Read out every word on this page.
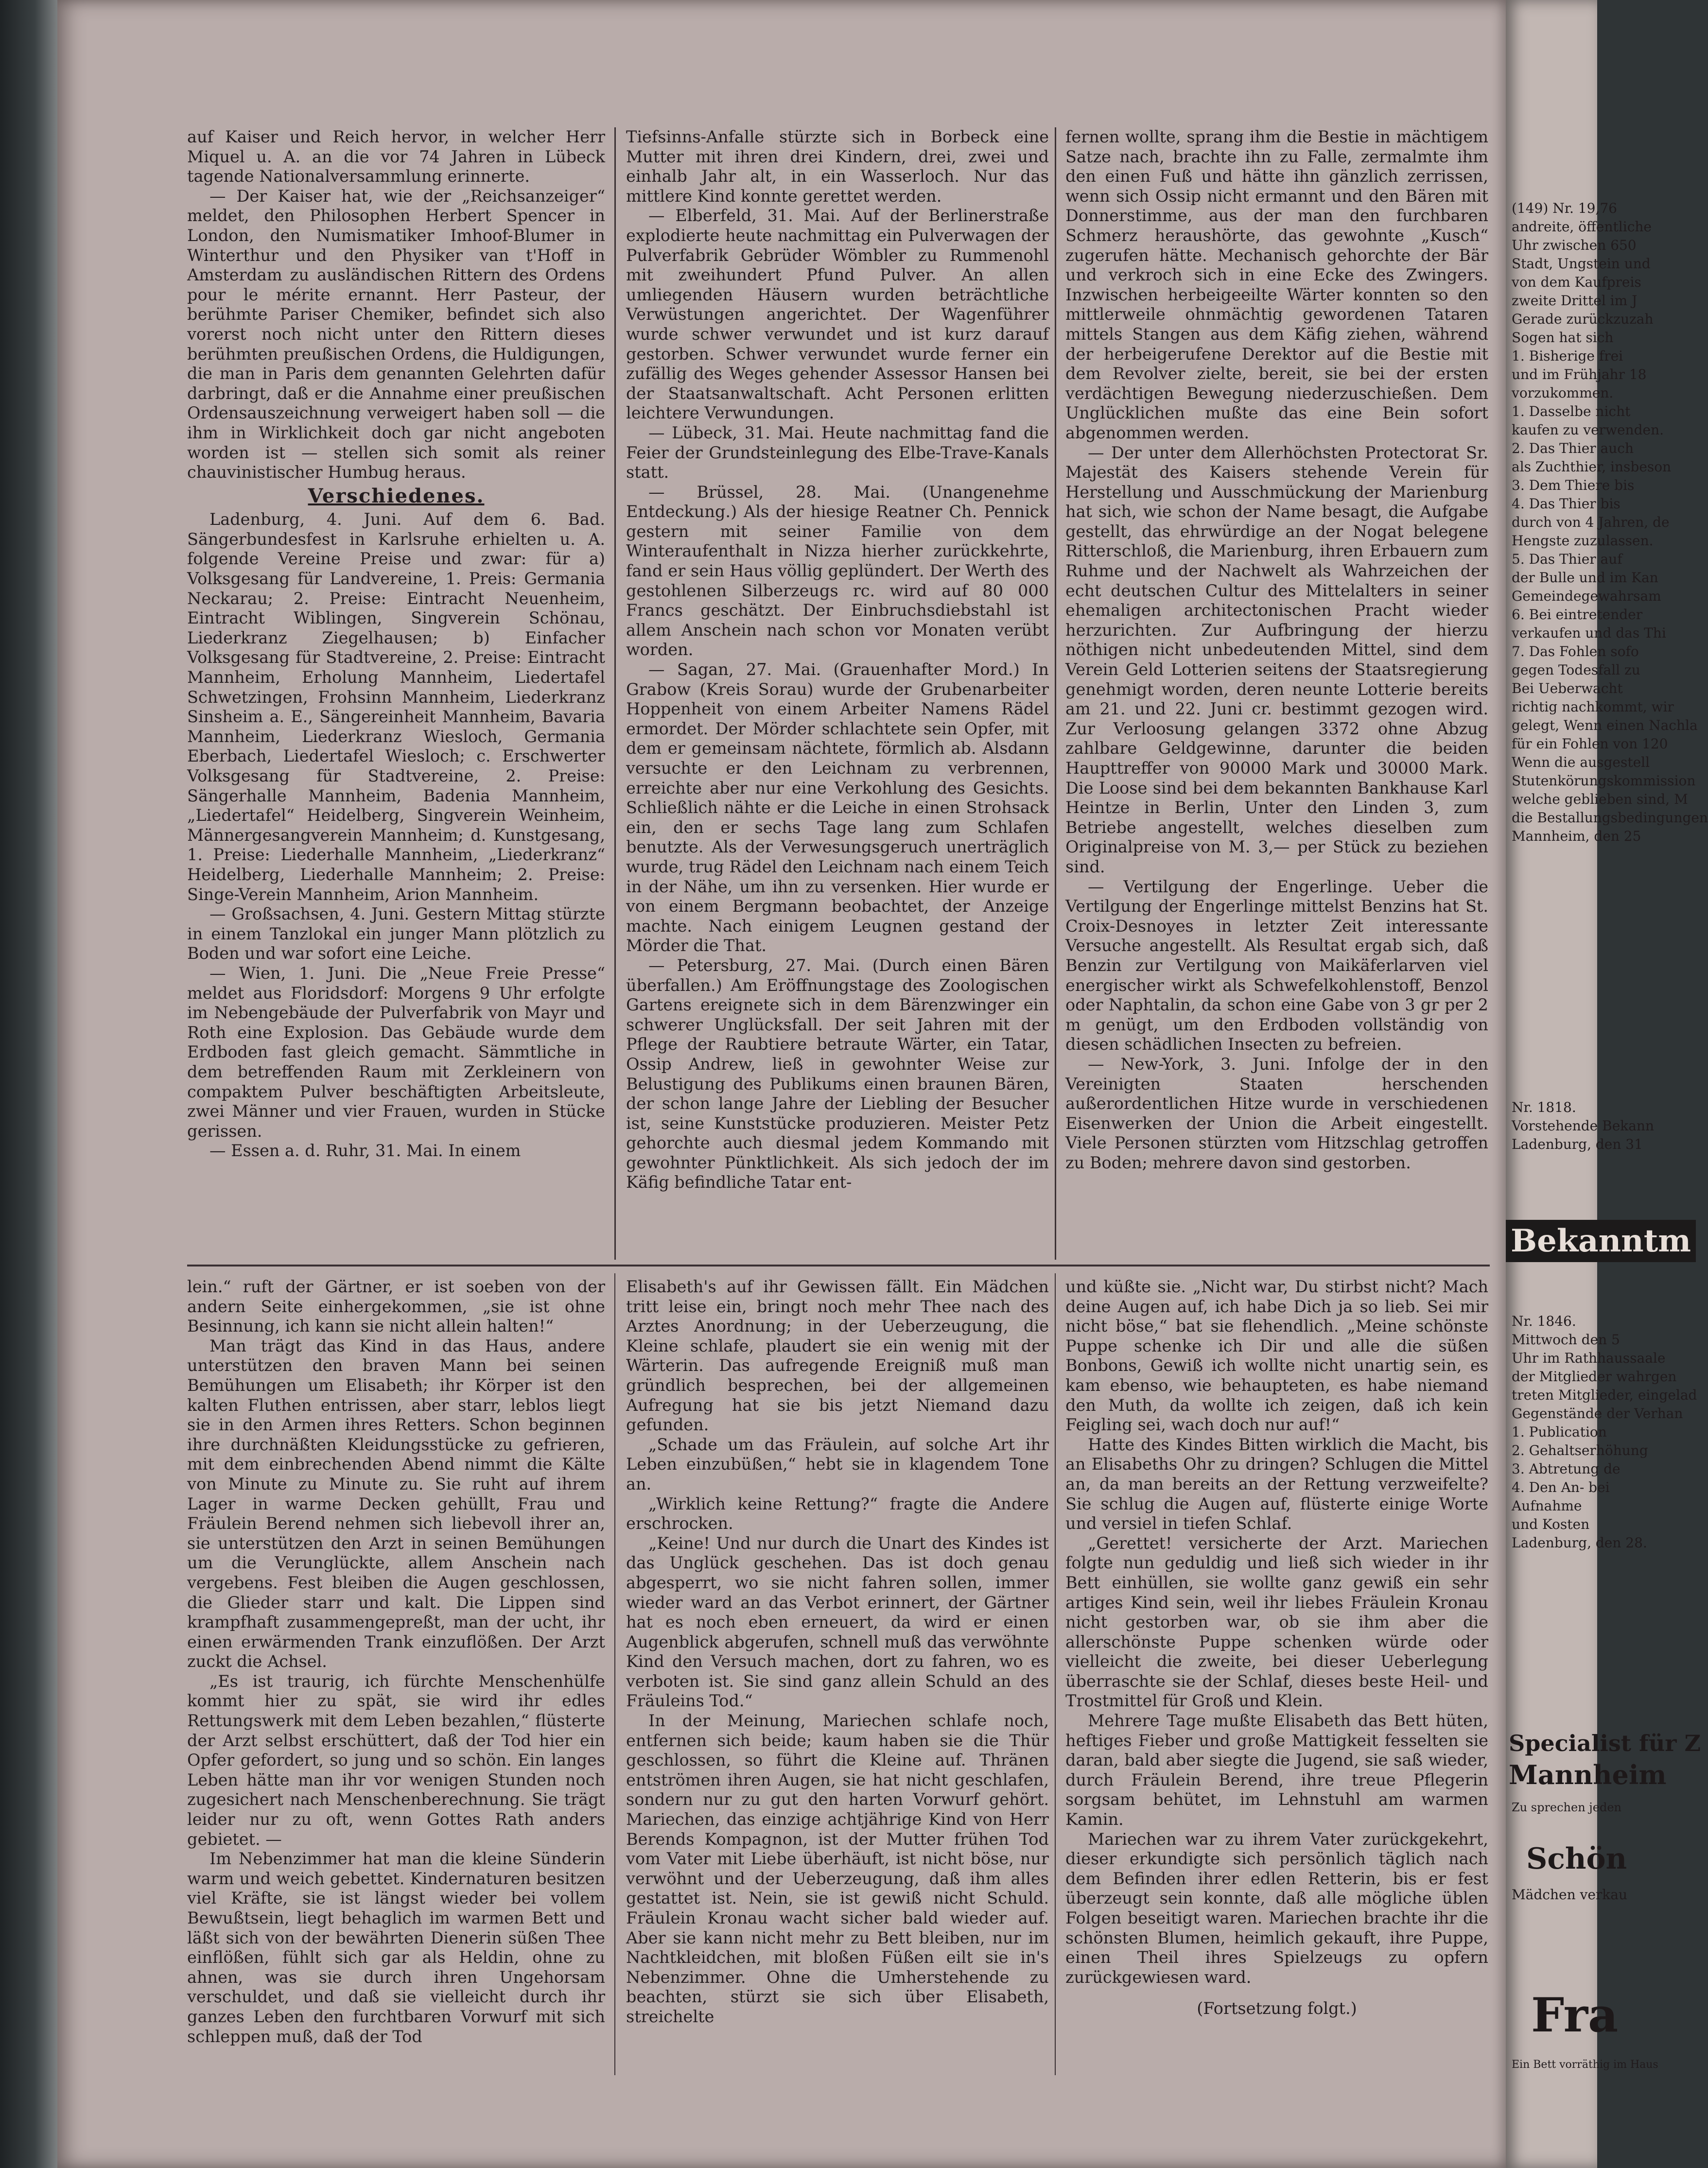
auf Kaiser und Reich hervor, in welcher Herr Miquel u. A. an die vor 74 Jahren in Lübeck tagende Nationalversammlung erinnerte.

— Der Kaiser hat, wie der „Reichsanzeiger“ meldet, den Philosophen Herbert Spencer in London, den Numismatiker Imhoof-Blumer in Winterthur und den Physiker van t'Hoff in Amsterdam zu ausländischen Rittern des Ordens pour le mérite ernannt. Herr Pasteur, der berühmte Pariser Chemiker, befindet sich also vorerst noch nicht unter den Rittern dieses berühmten preußischen Ordens, die Huldigungen, die man in Paris dem genannten Gelehrten dafür darbringt, daß er die Annahme einer preußischen Ordensauszeichnung verweigert haben soll — die ihm in Wirklichkeit doch gar nicht angeboten worden ist — stellen sich somit als reiner chauvinistischer Humbug heraus.

Verschiedenes.

Ladenburg, 4. Juni. Auf dem 6. Bad. Sängerbundesfest in Karlsruhe erhielten u. A. folgende Vereine Preise und zwar: für a) Volksgesang für Landvereine, 1. Preis: Germania Neckarau; 2. Preise: Eintracht Neuenheim, Eintracht Wiblingen, Singverein Schönau, Liederkranz Ziegelhausen; b) Einfacher Volksgesang für Stadtvereine, 2. Preise: Eintracht Mannheim, Erholung Mannheim, Liedertafel Schwetzingen, Frohsinn Mannheim, Liederkranz Sinsheim a. E., Sängereinheit Mannheim, Bavaria Mannheim, Liederkranz Wiesloch, Germania Eberbach, Liedertafel Wiesloch; c. Erschwerter Volksgesang für Stadtvereine, 2. Preise: Sängerhalle Mannheim, Badenia Mannheim, „Liedertafel“ Heidelberg, Singverein Weinheim, Männergesangverein Mannheim; d. Kunstgesang, 1. Preise: Liederhalle Mannheim, „Liederkranz“ Heidelberg, Liederhalle Mannheim; 2. Preise: Singe-Verein Mannheim, Arion Mannheim.

— Großsachsen, 4. Juni. Gestern Mittag stürzte in einem Tanzlokal ein junger Mann plötzlich zu Boden und war sofort eine Leiche.

— Wien, 1. Juni. Die „Neue Freie Presse“ meldet aus Floridsdorf: Morgens 9 Uhr erfolgte im Nebengebäude der Pulverfabrik von Mayr und Roth eine Explosion. Das Gebäude wurde dem Erdboden fast gleich gemacht. Sämmtliche in dem betreffenden Raum mit Zerkleinern von compaktem Pulver beschäftigten Arbeitsleute, zwei Männer und vier Frauen, wurden in Stücke gerissen.

— Essen a. d. Ruhr, 31. Mai. In einem

Tiefsinns-Anfalle stürzte sich in Borbeck eine Mutter mit ihren drei Kindern, drei, zwei und einhalb Jahr alt, in ein Wasserloch. Nur das mittlere Kind konnte gerettet werden.

— Elberfeld, 31. Mai. Auf der Berlinerstraße explodierte heute nachmittag ein Pulverwagen der Pulverfabrik Gebrüder Wömbler zu Rummenohl mit zweihundert Pfund Pulver. An allen umliegenden Häusern wurden beträchtliche Verwüstungen angerichtet. Der Wagenführer wurde schwer verwundet und ist kurz darauf gestorben. Schwer verwundet wurde ferner ein zufällig des Weges gehender Assessor Hansen bei der Staatsanwaltschaft. Acht Personen erlitten leichtere Verwundungen.

— Lübeck, 31. Mai. Heute nachmittag fand die Feier der Grundsteinlegung des Elbe-Trave-Kanals statt.

— Brüssel, 28. Mai. (Unangenehme Entdeckung.) Als der hiesige Reatner Ch. Pennick gestern mit seiner Familie von dem Winteraufenthalt in Nizza hierher zurückkehrte, fand er sein Haus völlig geplündert. Der Werth des gestohlenen Silberzeugs rc. wird auf 80 000 Francs geschätzt. Der Einbruchsdiebstahl ist allem Anschein nach schon vor Monaten verübt worden.

— Sagan, 27. Mai. (Grauenhafter Mord.) In Grabow (Kreis Sorau) wurde der Grubenarbeiter Hoppenheit von einem Arbeiter Namens Rädel ermordet. Der Mörder schlachtete sein Opfer, mit dem er gemeinsam nächtete, förmlich ab. Alsdann versuchte er den Leichnam zu verbrennen, erreichte aber nur eine Verkohlung des Gesichts. Schließlich nähte er die Leiche in einen Strohsack ein, den er sechs Tage lang zum Schlafen benutzte. Als der Verwesungsgeruch unerträglich wurde, trug Rädel den Leichnam nach einem Teich in der Nähe, um ihn zu versenken. Hier wurde er von einem Bergmann beobachtet, der Anzeige machte. Nach einigem Leugnen gestand der Mörder die That.

— Petersburg, 27. Mai. (Durch einen Bären überfallen.) Am Eröffnungstage des Zoologischen Gartens ereignete sich in dem Bärenzwinger ein schwerer Unglücksfall. Der seit Jahren mit der Pflege der Raubtiere betraute Wärter, ein Tatar, Ossip Andrew, ließ in gewohnter Weise zur Belustigung des Publikums einen braunen Bären, der schon lange Jahre der Liebling der Besucher ist, seine Kunststücke produzieren. Meister Petz gehorchte auch diesmal jedem Kommando mit gewohnter Pünktlichkeit. Als sich jedoch der im Käfig befindliche Tatar ent-

fernen wollte, sprang ihm die Bestie in mächtigem Satze nach, brachte ihn zu Falle, zermalmte ihm den einen Fuß und hätte ihn gänzlich zerrissen, wenn sich Ossip nicht ermannt und den Bären mit Donnerstimme, aus der man den furchbaren Schmerz heraushörte, das gewohnte „Kusch“ zugerufen hätte. Mechanisch gehorchte der Bär und verkroch sich in eine Ecke des Zwingers. Inzwischen herbeigeeilte Wärter konnten so den mittlerweile ohnmächtig gewordenen Tataren mittels Stangen aus dem Käfig ziehen, während der herbeigerufene Derektor auf die Bestie mit dem Revolver zielte, bereit, sie bei der ersten verdächtigen Bewegung niederzuschießen. Dem Unglücklichen mußte das eine Bein sofort abgenommen werden.

— Der unter dem Allerhöchsten Protectorat Sr. Majestät des Kaisers stehende Verein für Herstellung und Ausschmückung der Marienburg hat sich, wie schon der Name besagt, die Aufgabe gestellt, das ehrwürdige an der Nogat belegene Ritterschloß, die Marienburg, ihren Erbauern zum Ruhme und der Nachwelt als Wahrzeichen der echt deutschen Cultur des Mittelalters in seiner ehemaligen architectonischen Pracht wieder herzurichten. Zur Aufbringung der hierzu nöthigen nicht unbedeutenden Mittel, sind dem Verein Geld Lotterien seitens der Staatsregierung genehmigt worden, deren neunte Lotterie bereits am 21. und 22. Juni cr. bestimmt gezogen wird. Zur Verloosung gelangen 3372 ohne Abzug zahlbare Geldgewinne, darunter die beiden Haupttreffer von 90000 Mark und 30000 Mark. Die Loose sind bei dem bekannten Bankhause Karl Heintze in Berlin, Unter den Linden 3, zum Betriebe angestellt, welches dieselben zum Originalpreise von M. 3,— per Stück zu beziehen sind.

— Vertilgung der Engerlinge. Ueber die Vertilgung der Engerlinge mittelst Benzins hat St. Croix-Desnoyes in letzter Zeit interessante Versuche angestellt. Als Resultat ergab sich, daß Benzin zur Vertilgung von Maikäferlarven viel energischer wirkt als Schwefelkohlenstoff, Benzol oder Naphtalin, da schon eine Gabe von 3 gr per 2 m genügt, um den Erdboden vollständig von diesen schädlichen Insecten zu befreien.

— New-York, 3. Juni. Infolge der in den Vereinigten Staaten herschenden außerordentlichen Hitze wurde in verschiedenen Eisenwerken der Union die Arbeit eingestellt. Viele Personen stürzten vom Hitzschlag getroffen zu Boden; mehrere davon sind gestorben.

lein.“ ruft der Gärtner, er ist soeben von der andern Seite einhergekommen, „sie ist ohne Besinnung, ich kann sie nicht allein halten!“

Man trägt das Kind in das Haus, andere unterstützen den braven Mann bei seinen Bemühungen um Elisabeth; ihr Körper ist den kalten Fluthen entrissen, aber starr, leblos liegt sie in den Armen ihres Retters. Schon beginnen ihre durchnäßten Kleidungsstücke zu gefrieren, mit dem einbrechenden Abend nimmt die Kälte von Minute zu Minute zu. Sie ruht auf ihrem Lager in warme Decken gehüllt, Frau und Fräulein Berend nehmen sich liebevoll ihrer an, sie unterstützen den Arzt in seinen Bemühungen um die Verunglückte, allem Anschein nach vergebens. Fest bleiben die Augen geschlossen, die Glieder starr und kalt. Die Lippen sind krampfhaft zusammengepreßt, man der ucht, ihr einen erwärmenden Trank einzuflößen. Der Arzt zuckt die Achsel.

„Es ist traurig, ich fürchte Menschenhülfe kommt hier zu spät, sie wird ihr edles Rettungswerk mit dem Leben bezahlen,“ flüsterte der Arzt selbst erschüttert, daß der Tod hier ein Opfer gefordert, so jung und so schön. Ein langes Leben hätte man ihr vor wenigen Stunden noch zugesichert nach Menschenberechnung. Sie trägt leider nur zu oft, wenn Gottes Rath anders gebietet. —

Im Nebenzimmer hat man die kleine Sünderin warm und weich gebettet. Kindernaturen besitzen viel Kräfte, sie ist längst wieder bei vollem Bewußtsein, liegt behaglich im warmen Bett und läßt sich von der bewährten Dienerin süßen Thee einflößen, fühlt sich gar als Heldin, ohne zu ahnen, was sie durch ihren Ungehorsam verschuldet, und daß sie vielleicht durch ihr ganzes Leben den furchtbaren Vorwurf mit sich schleppen muß, daß der Tod

Elisabeth's auf ihr Gewissen fällt. Ein Mädchen tritt leise ein, bringt noch mehr Thee nach des Arztes Anordnung; in der Ueberzeugung, die Kleine schlafe, plaudert sie ein wenig mit der Wärterin. Das aufregende Ereigniß muß man gründlich besprechen, bei der allgemeinen Aufregung hat sie bis jetzt Niemand dazu gefunden.

„Schade um das Fräulein, auf solche Art ihr Leben einzubüßen,“ hebt sie in klagendem Tone an.

„Wirklich keine Rettung?“ fragte die Andere erschrocken.

„Keine! Und nur durch die Unart des Kindes ist das Unglück geschehen. Das ist doch genau abgesperrt, wo sie nicht fahren sollen, immer wieder ward an das Verbot erinnert, der Gärtner hat es noch eben erneuert, da wird er einen Augenblick abgerufen, schnell muß das verwöhnte Kind den Versuch machen, dort zu fahren, wo es verboten ist. Sie sind ganz allein Schuld an des Fräuleins Tod.“

In der Meinung, Mariechen schlafe noch, entfernen sich beide; kaum haben sie die Thür geschlossen, so führt die Kleine auf. Thränen entströmen ihren Augen, sie hat nicht geschlafen, sondern nur zu gut den harten Vorwurf gehört. Mariechen, das einzige achtjährige Kind von Herr Berends Kompagnon, ist der Mutter frühen Tod vom Vater mit Liebe überhäuft, ist nicht böse, nur verwöhnt und der Ueberzeugung, daß ihm alles gestattet ist. Nein, sie ist gewiß nicht Schuld. Fräulein Kronau wacht sicher bald wieder auf. Aber sie kann nicht mehr zu Bett bleiben, nur im Nachtkleidchen, mit bloßen Füßen eilt sie in's Nebenzimmer. Ohne die Umherstehende zu beachten, stürzt sie sich über Elisabeth, streichelte

und küßte sie. „Nicht war, Du stirbst nicht? Mach deine Augen auf, ich habe Dich ja so lieb. Sei mir nicht böse,“ bat sie flehendlich. „Meine schönste Puppe schenke ich Dir und alle die süßen Bonbons, Gewiß ich wollte nicht unartig sein, es kam ebenso, wie behaupteten, es habe niemand den Muth, da wollte ich zeigen, daß ich kein Feigling sei, wach doch nur auf!“

Hatte des Kindes Bitten wirklich die Macht, bis an Elisabeths Ohr zu dringen? Schlugen die Mittel an, da man bereits an der Rettung verzweifelte? Sie schlug die Augen auf, flüsterte einige Worte und versiel in tiefen Schlaf.

„Gerettet! versicherte der Arzt. Mariechen folgte nun geduldig und ließ sich wieder in ihr Bett einhüllen, sie wollte ganz gewiß ein sehr artiges Kind sein, weil ihr liebes Fräulein Kronau nicht gestorben war, ob sie ihm aber die allerschönste Puppe schenken würde oder vielleicht die zweite, bei dieser Ueberlegung überraschte sie der Schlaf, dieses beste Heil- und Trostmittel für Groß und Klein.

Mehrere Tage mußte Elisabeth das Bett hüten, heftiges Fieber und große Mattigkeit fesselten sie daran, bald aber siegte die Jugend, sie saß wieder, durch Fräulein Berend, ihre treue Pflegerin sorgsam behütet, im Lehnstuhl am warmen Kamin.

Mariechen war zu ihrem Vater zurückgekehrt, dieser erkundigte sich persönlich täglich nach dem Befinden ihrer edlen Retterin, bis er fest überzeugt sein konnte, daß alle mögliche üblen Folgen beseitigt waren. Mariechen brachte ihr die schönsten Blumen, heimlich gekauft, ihre Puppe, einen Theil ihres Spielzeugs zu opfern zurückgewiesen ward.

(Fortsetzung folgt.)

(149) Nr. 19,76
andreite, öffentliche
Uhr zwischen 650
Stadt, Ungstein und
von dem Kaufpreis
zweite Drittel im J
Gerade zurückzuzah
Sogen hat sich
1. Bisherige frei
und im Frühjahr 18
vorzukommen.
1. Dasselbe nicht
kaufen zu verwenden.
2. Das Thier auch
als Zuchthier, insbeson
3. Dem Thiere bis
4. Das Thier bis
durch von 4 Jahren, de
Hengste zuzulassen.
5. Das Thier auf
der Bulle und im Kan
Gemeindegewahrsam
6. Bei eintretender
verkaufen und das Thi
7. Das Fohlen sofo
gegen Todesfall zu
Bei Ueberwacht
richtig nachkommt, wir
gelegt, Wenn einen Nachla
für ein Fohlen von 120
Wenn die ausgestell
Stutenkörungskommission
welche geblieben sind, M
die Bestallungsbedingungen
Mannheim, den 25
Nr. 1818.
Vorstehende Bekann
Ladenburg, den 31
Bekanntm
Nr. 1846.
Mittwoch den 5
Uhr im Rathhaussaale
der Mitglieder wahrgen
treten Mitglieder, eingelad
Gegenstände der Verhan
1. Publication
2. Gehaltserhöhung
3. Abtretung de
4. Den An- bei
Aufnahme
und Kosten
Ladenburg, den 28.
Specialist für Z
Mannheim
Zu sprechen jeden
Schön
Mädchen verkau
Fra
Ein Bett vorräthig im Haus
